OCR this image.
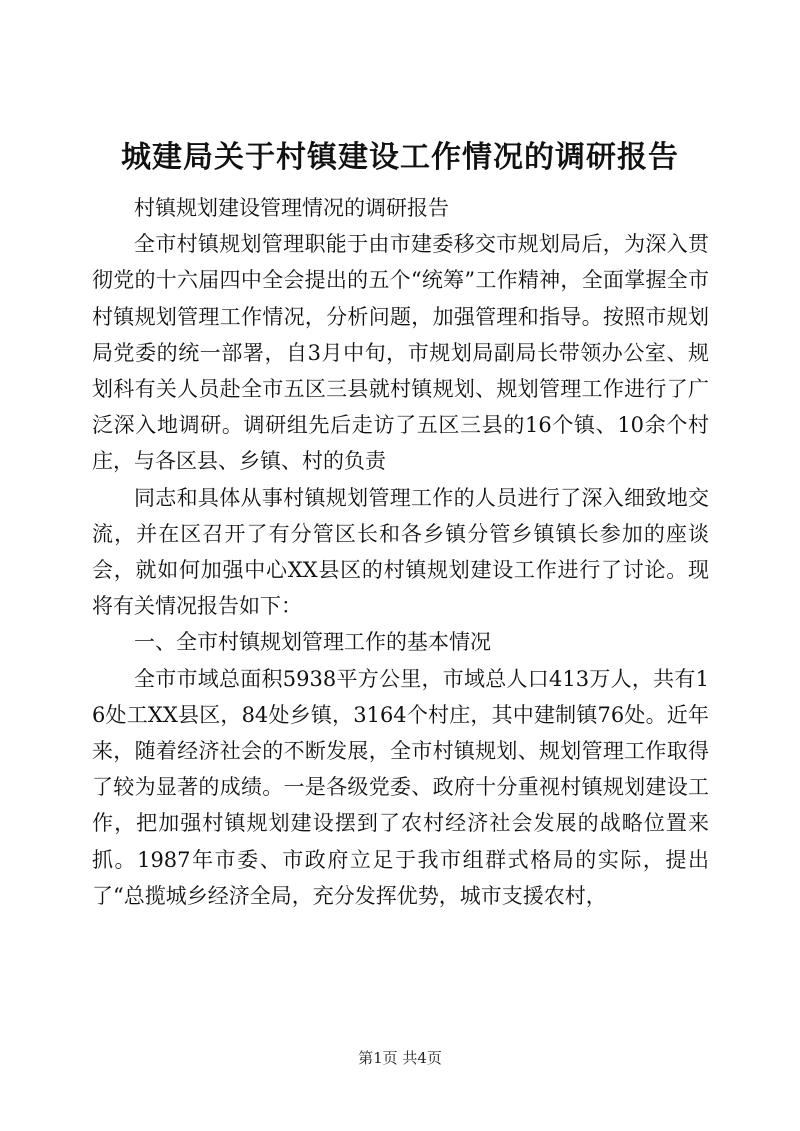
城建局关于村镇建设工作情况的调研报告

村镇规划建设管理情况的调研报告

全市村镇规划管理职能于由市建委移交市规划局后，为深入贯彻党的十六届四中全会提出的五个“统筹”工作精神，全面掌握全市村镇规划管理工作情况，分析问题，加强管理和指导。按照市规划局党委的统一部署，自3月中旬，市规划局副局长带领办公室、规划科有关人员赴全市五区三县就村镇规划、规划管理工作进行了广泛深入地调研。调研组先后走访了五区三县的16个镇、10余个村庄，与各区县、乡镇、村的负责

同志和具体从事村镇规划管理工作的人员进行了深入细致地交流，并在区召开了有分管区长和各乡镇分管乡镇镇长参加的座谈会，就如何加强中心XX县区的村镇规划建设工作进行了讨论。现将有关情况报告如下：

一、全市村镇规划管理工作的基本情况

全市市域总面积5938平方公里，市域总人口413万人，共有16处工XX县区，84处乡镇，3164个村庄，其中建制镇76处。近年来，随着经济社会的不断发展，全市村镇规划、规划管理工作取得了较为显著的成绩。一是各级党委、政府十分重视村镇规划建设工作，把加强村镇规划建设摆到了农村经济社会发展的战略位置来抓。1987年市委、市政府立足于我市组群式格局的实际，提出了“总揽城乡经济全局，充分发挥优势，城市支援农村，

第1页 共4页
